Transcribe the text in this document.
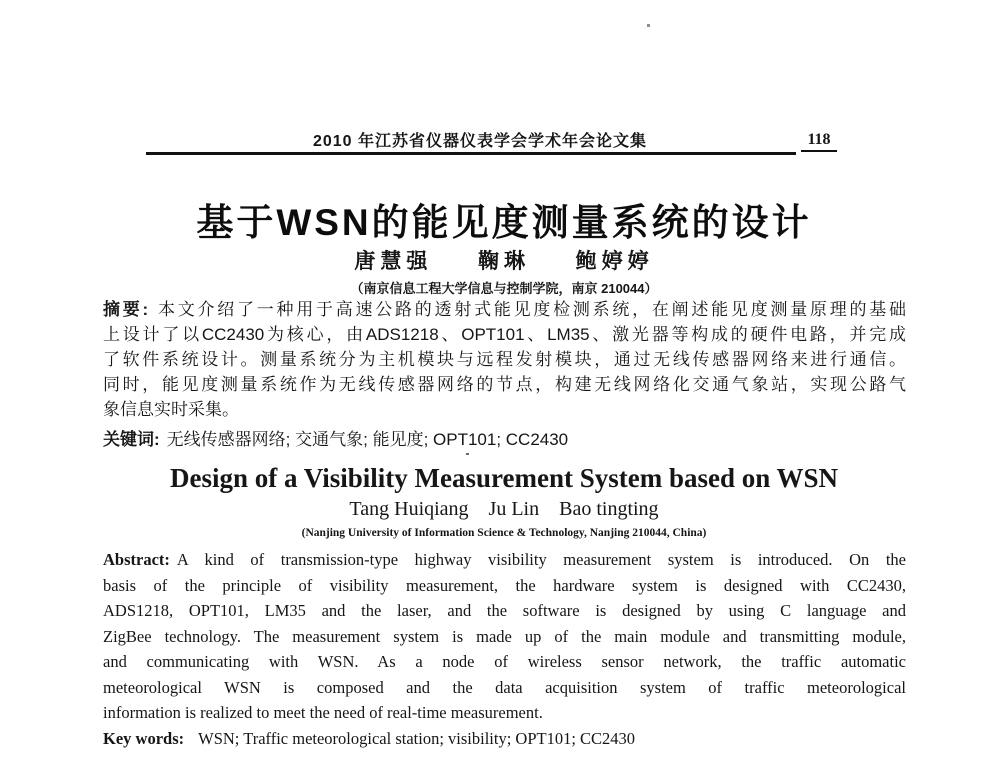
2010 年江苏省仪器仪表学会学术年会论文集	118
基于WSN的能见度测量系统的设计
唐慧强  鞠琳  鲍婷婷
（南京信息工程大学信息与控制学院，南京 210044）
摘要: 本文介绍了一种用于高速公路的透射式能见度检测系统，在阐述能见度测量原理的基础
上设计了以CC2430为核心，由ADS1218、OPT101、LM35、激光器等构成的硬件电路，并完成
了软件系统设计。测量系统分为主机模块与远程发射模块，通过无线传感器网络来进行通信。
同时，能见度测量系统作为无线传感器网络的节点，构建无线网络化交通气象站，实现公路气
象信息实时采集。
关键词: 无线传感器网络; 交通气象; 能见度; OPT101; CC2430
Design of a Visibility Measurement System based on WSN
Tang Huiqiang    Ju Lin    Bao tingting
(Nanjing University of Information Science & Technology, Nanjing 210044, China)
Abstract: A kind of transmission-type highway visibility measurement system is introduced. On the
basis of the principle of visibility measurement, the hardware system is designed with CC2430,
ADS1218, OPT101, LM35 and the laser, and the software is designed by using C language and
ZigBee technology. The measurement system is made up of the main module and transmitting module,
and communicating with WSN. As a node of wireless sensor network, the traffic automatic
meteorological WSN is composed and the data acquisition system of traffic meteorological
information is realized to meet the need of real-time measurement.
Key words: WSN; Traffic meteorological station; visibility; OPT101; CC2430
